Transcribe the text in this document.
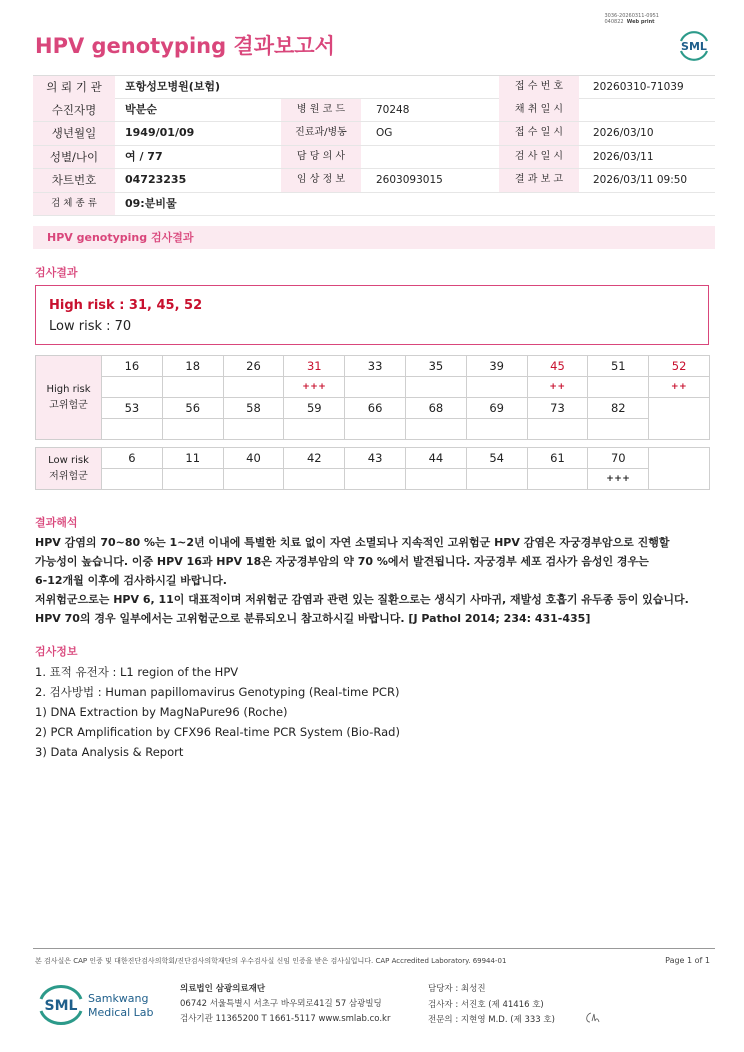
3036-20260311-0951
040822 Web print
HPV genotyping 결과보고서	SML
의 뢰 기 관	포항성모병원(보험)	접 수 번 호	20260310-71039
수진자명	박분순	병 원 코 드	70248	채 취 일 시
생년월일	1949/01/09	진료과/병동	OG	접 수 일 시	2026/03/10
성별/나이	여 / 77	담 당 의 사	검 사 일 시	2026/03/11
차트번호	04723235	임 상 정 보	2603093015	결 과 보 고	2026/03/11 09:50
검 체 종 류	09:분비물
HPV genotyping 검사결과
검사결과
High risk : 31, 45, 52
Low risk : 70
High risk
고위험군	16	18	26	31	33	35	39	45	51	52
				+++				++		++
	53	56	58	59	66	68	69	73	82	

Low risk
저위험군	6	11	40	42	43	44	54	61	70	
									+++	
결과해석
HPV 감염의 70~80 %는 1~2년 이내에 특별한 치료 없이 자연 소멸되나 지속적인 고위험군 HPV 감염은 자궁경부암으로 진행할
가능성이 높습니다. 이중 HPV 16과 HPV 18은 자궁경부암의 약 70 %에서 발견됩니다. 자궁경부 세포 검사가 음성인 경우는
6-12개월 이후에 검사하시길 바랍니다.
저위험군으로는 HPV 6, 11이 대표적이며 저위험군 감염과 관련 있는 질환으로는 생식기 사마귀, 재발성 호흡기 유두종 등이 있습니다.
HPV 70의 경우 일부에서는 고위험군으로 분류되오니 참고하시길 바랍니다. [J Pathol 2014; 234: 431-435]
검사정보
1. 표적 유전자 : L1 region of the HPV
2. 검사방법 : Human papillomavirus Genotyping (Real-time PCR)
1) DNA Extraction by MagNaPure96 (Roche)
2) PCR Amplification by CFX96 Real-time PCR System (Bio-Rad)
3) Data Analysis & Report
본 검사실은 CAP 인증 및 대한진단검사의학회/진단검사의학재단의 우수검사실 신임 인증을 받은 검사실입니다. CAP Accredited Laboratory. 69944-01	Page 1 of 1
SML Samkwang
Medical Lab
의료법인 삼광의료재단
06742 서울특별시 서초구 바우뫼로41길 57 삼광빌딩
검사기관 11365200 T 1661-5117 www.smlab.co.kr
담당자 : 최성진
검사자 : 서진호 (제 41416 호)
전문의 : 지현영 M.D. (제 333 호)
